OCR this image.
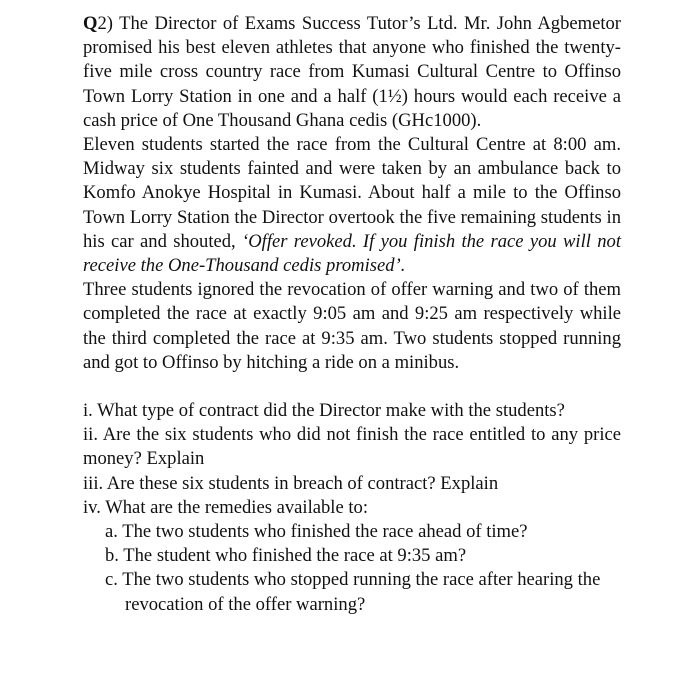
Q2) The Director of Exams Success Tutor’s Ltd. Mr. John Agbemetor promised his best eleven athletes that anyone who finished the twenty-five mile cross country race from Kumasi Cultural Centre to Offinso Town Lorry Station in one and a half (1½) hours would each receive a cash price of One Thousand Ghana cedis (GHc1000).

Eleven students started the race from the Cultural Centre at 8:00 am. Midway six students fainted and were taken by an ambulance back to Komfo Anokye Hospital in Kumasi. About half a mile to the Offinso Town Lorry Station the Director overtook the five remaining students in his car and shouted, ‘Offer revoked. If you finish the race you will not receive the One-Thousand cedis promised’.

Three students ignored the revocation of offer warning and two of them completed the race at exactly 9:05 am and 9:25 am respectively while the third completed the race at 9:35 am. Two students stopped running and got to Offinso by hitching a ride on a minibus.

i. What type of contract did the Director make with the students?

ii. Are the six students who did not finish the race entitled to any price money? Explain

iii. Are these six students in breach of contract? Explain

iv. What are the remedies available to:

a. The two students who finished the race ahead of time?

b. The student who finished the race at 9:35 am?

c. The two students who stopped running the race after hearing the revocation of the offer warning?
